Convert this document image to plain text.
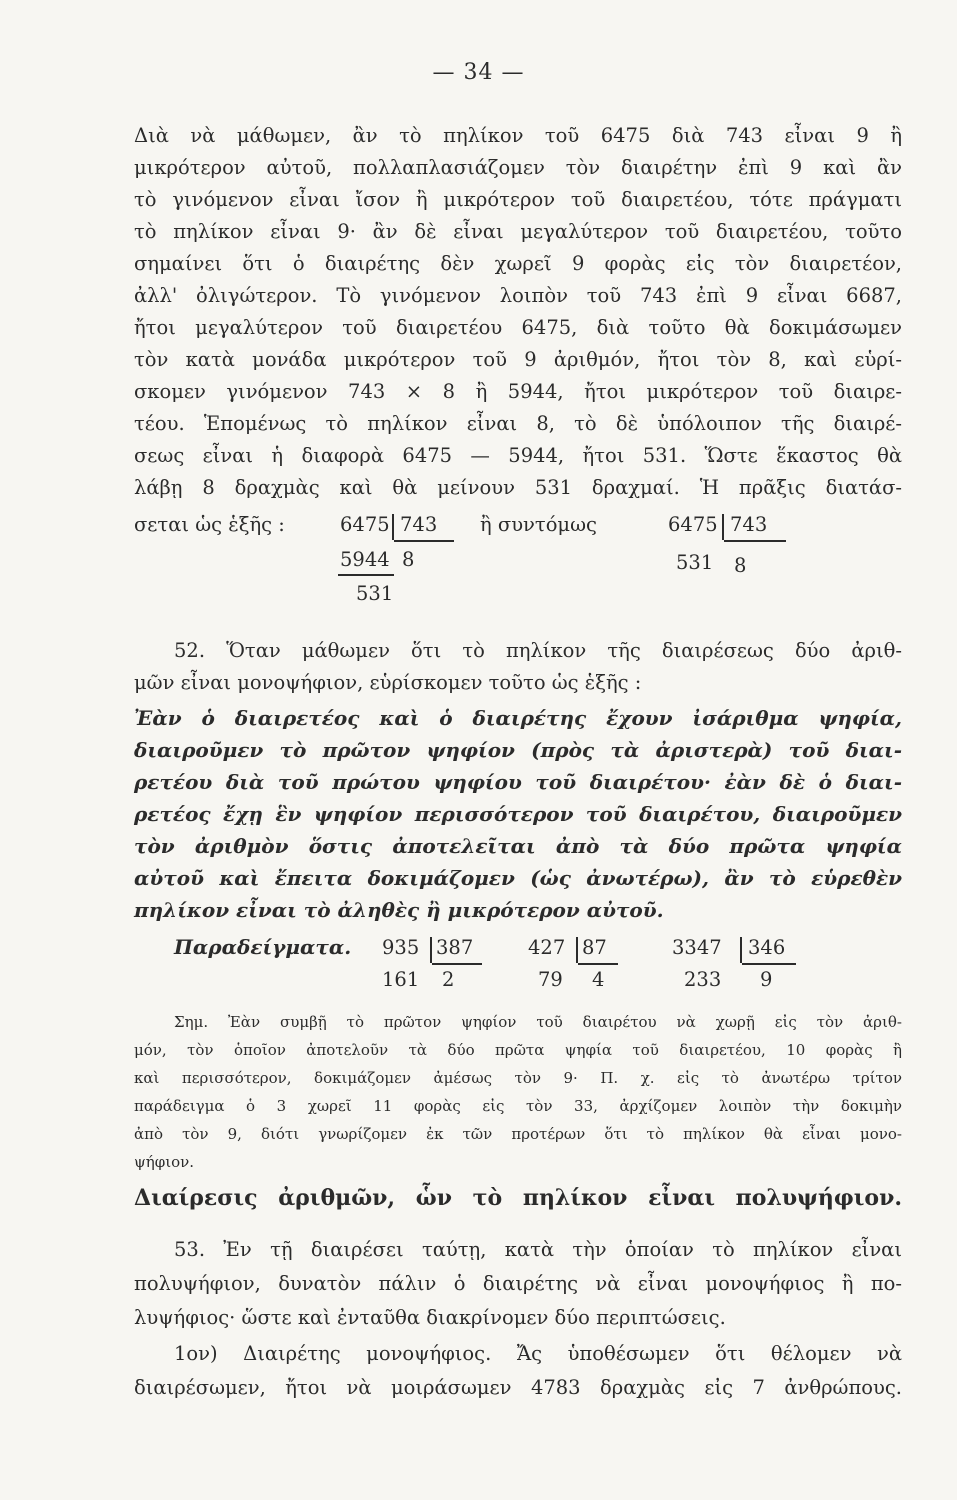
— 34 —
Διὰ νὰ μάθωμεν, ἂν τὸ πηλίκον τοῦ 6475 διὰ 743 εἶναι 9 ἢ
μικρότερον αὐτοῦ, πολλαπλασιάζομεν τὸν διαιρέτην ἐπὶ 9 καὶ ἂν
τὸ γινόμενον εἶναι ἴσον ἢ μικρότερον τοῦ διαιρετέου, τότε πράγματι
τὸ πηλίκον εἶναι 9· ἂν δὲ εἶναι μεγαλύτερον τοῦ διαιρετέου, τοῦτο
σημαίνει ὅτι ὁ διαιρέτης δὲν χωρεῖ 9 φορὰς εἰς τὸν διαιρετέον,
ἀλλ' ὀλιγώτερον. Τὸ γινόμενον λοιπὸν τοῦ 743 ἐπὶ 9 εἶναι 6687,
ἤτοι μεγαλύτερον τοῦ διαιρετέου 6475, διὰ τοῦτο θὰ δοκιμάσωμεν
τὸν κατὰ μονάδα μικρότερον τοῦ 9 ἀριθμόν, ἤτοι τὸν 8, καὶ εὑρί-
σκομεν γινόμενον 743 × 8 ἢ 5944, ἤτοι μικρότερον τοῦ διαιρε-
τέου. Ἑπομένως τὸ πηλίκον εἶναι 8, τὸ δὲ ὑπόλοιπον τῆς διαιρέ-
σεως εἶναι ἡ διαφορὰ 6475 — 5944, ἤτοι 531. Ὥστε ἕκαστος θὰ
λάβῃ 8 δραχμὰς καὶ θὰ μείνουν 531 δραχμαί. Ἡ πρᾶξις διατάσ-
σεται ὡς ἑξῆς :	6475 743
5944 8
531
ἢ συντόμως	6475 743
531 8
52. Ὅταν μάθωμεν ὅτι τὸ πηλίκον τῆς διαιρέσεως δύο ἀριθ-
μῶν εἶναι μονοψήφιον, εὑρίσκομεν τοῦτο ὡς ἑξῆς :
Ἐὰν ὁ διαιρετέος καὶ ὁ διαιρέτης ἔχουν ἰσάριθμα ψηφία,
διαιροῦμεν τὸ πρῶτον ψηφίον (πρὸς τὰ ἀριστερὰ) τοῦ διαι-
ρετέου διὰ τοῦ πρώτου ψηφίου τοῦ διαιρέτου· ἐὰν δὲ ὁ διαι-
ρετέος ἔχῃ ἓν ψηφίον περισσότερον τοῦ διαιρέτου, διαιροῦμεν
τὸν ἀριθμὸν ὅστις ἀποτελεῖται ἀπὸ τὰ δύο πρῶτα ψηφία
αὐτοῦ καὶ ἔπειτα δοκιμάζομεν (ὡς ἀνωτέρω), ἂν τὸ εὑρεθὲν
πηλίκον εἶναι τὸ ἀληθὲς ἢ μικρότερον αὐτοῦ.
Παραδείγματα. 935 387
161 2
427 87
79 4
3347 346
233 9
Σημ. Ἐὰν συμβῇ τὸ πρῶτον ψηφίον τοῦ διαιρέτου νὰ χωρῇ εἰς τὸν ἀριθ-
μόν, τὸν ὁποῖον ἀποτελοῦν τὰ δύο πρῶτα ψηφία τοῦ διαιρετέου, 10 φορὰς ἢ
καὶ περισσότερον, δοκιμάζομεν ἀμέσως τὸν 9· Π. χ. εἰς τὸ ἀνωτέρω τρίτον
παράδειγμα ὁ 3 χωρεῖ 11 φορὰς εἰς τὸν 33, ἀρχίζομεν λοιπὸν τὴν δοκιμὴν
ἀπὸ τὸν 9, διότι γνωρίζομεν ἐκ τῶν προτέρων ὅτι τὸ πηλίκον θὰ εἶναι μονο-
ψήφιον.
Διαίρεσις ἀριθμῶν, ὧν τὸ πηλίκον εἶναι πολυψήφιον.
53. Ἐν τῇ διαιρέσει ταύτῃ, κατὰ τὴν ὁποίαν τὸ πηλίκον εἶναι
πολυψήφιον, δυνατὸν πάλιν ὁ διαιρέτης νὰ εἶναι μονοψήφιος ἢ πο-
λυψήφιος· ὥστε καὶ ἐνταῦθα διακρίνομεν δύο περιπτώσεις.
1ον) Διαιρέτης μονοψήφιος. Ἄς ὑποθέσωμεν ὅτι θέλομεν νὰ
διαιρέσωμεν, ἤτοι νὰ μοιράσωμεν 4783 δραχμὰς εἰς 7 ἀνθρώπους.
